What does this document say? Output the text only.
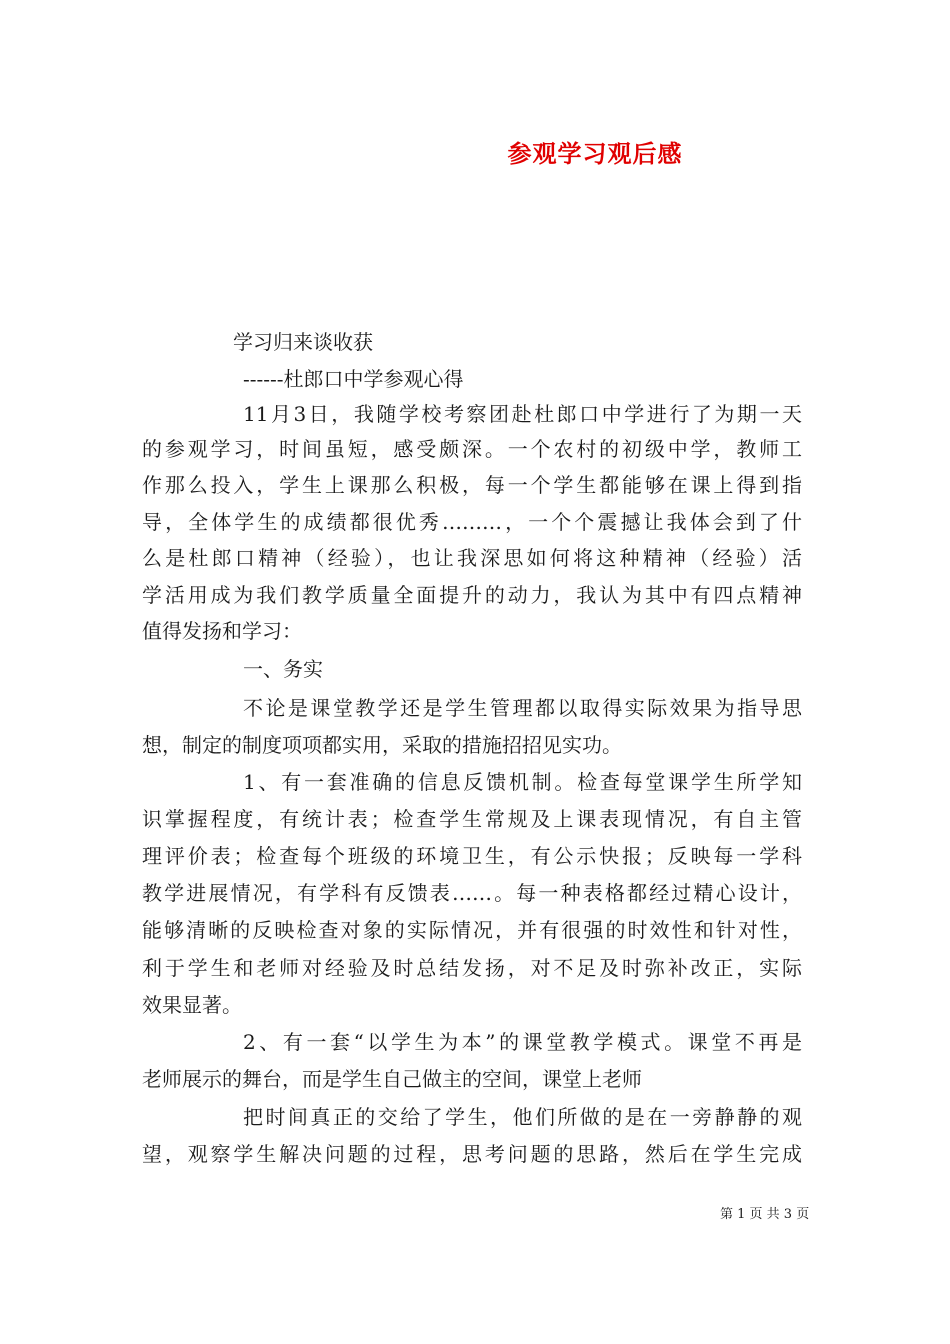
参观学习观后感
学习归来谈收获
------杜郎口中学参观心得
11月3日，我随学校考察团赴杜郎口中学进行了为期一天
的参观学习，时间虽短，感受颇深。一个农村的初级中学，教师工
作那么投入，学生上课那么积极，每一个学生都能够在课上得到指
导，全体学生的成绩都很优秀………，一个个震撼让我体会到了什
么是杜郎口精神（经验），也让我深思如何将这种精神（经验）活
学活用成为我们教学质量全面提升的动力，我认为其中有四点精神
值得发扬和学习：
一、务实
不论是课堂教学还是学生管理都以取得实际效果为指导思
想，制定的制度项项都实用，采取的措施招招见实功。
1、有一套准确的信息反馈机制。检查每堂课学生所学知
识掌握程度，有统计表；检查学生常规及上课表现情况，有自主管
理评价表；检查每个班级的环境卫生，有公示快报；反映每一学科
教学进展情况，有学科有反馈表……。每一种表格都经过精心设计，
能够清晰的反映检查对象的实际情况，并有很强的时效性和针对性，
利于学生和老师对经验及时总结发扬，对不足及时弥补改正，实际
效果显著。
2、有一套“以学生为本”的课堂教学模式。课堂不再是
老师展示的舞台，而是学生自己做主的空间，课堂上老师
把时间真正的交给了学生，他们所做的是在一旁静静的观
望，观察学生解决问题的过程，思考问题的思路，然后在学生完成
第 1 页 共 3 页
